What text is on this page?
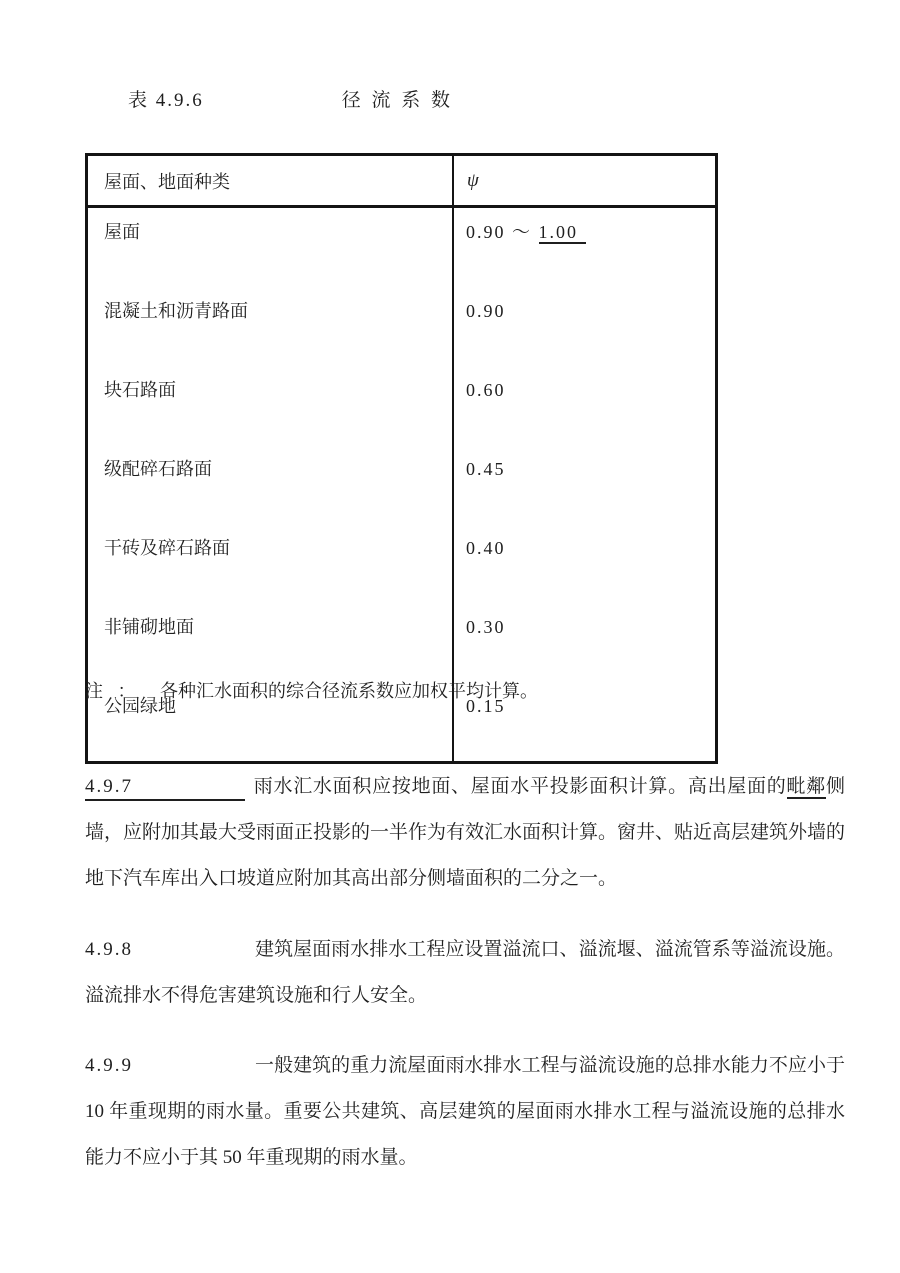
表 4.9.6	径 流 系 数
屋面、地面种类	ψ
屋面	0.90 ～ 1.00
混凝土和沥青路面	0.90
块石路面	0.60
级配碎石路面	0.45
干砖及碎石路面	0.40
非铺砌地面	0.30
公园绿地	0.15
注 ： 各种汇水面积的综合径流系数应加权平均计算。

4.9.7	雨水汇水面积应按地面、屋面水平投影面积计算。高出屋面的毗鄰侧墙，应附加其最大受雨面正投影的一半作为有效汇水面积计算。窗井、贴近高层建筑外墙的地下汽车库出入口坡道应附加其高出部分侧墙面积的二分之一。

4.9.8	建筑屋面雨水排水工程应设置溢流口、溢流堰、溢流管系等溢流设施。溢流排水不得危害建筑设施和行人安全。

4.9.9	一般建筑的重力流屋面雨水排水工程与溢流设施的总排水能力不应小于 10 年重现期的雨水量。重要公共建筑、高层建筑的屋面雨水排水工程与溢流设施的总排水能力不应小于其 50 年重现期的雨水量。
